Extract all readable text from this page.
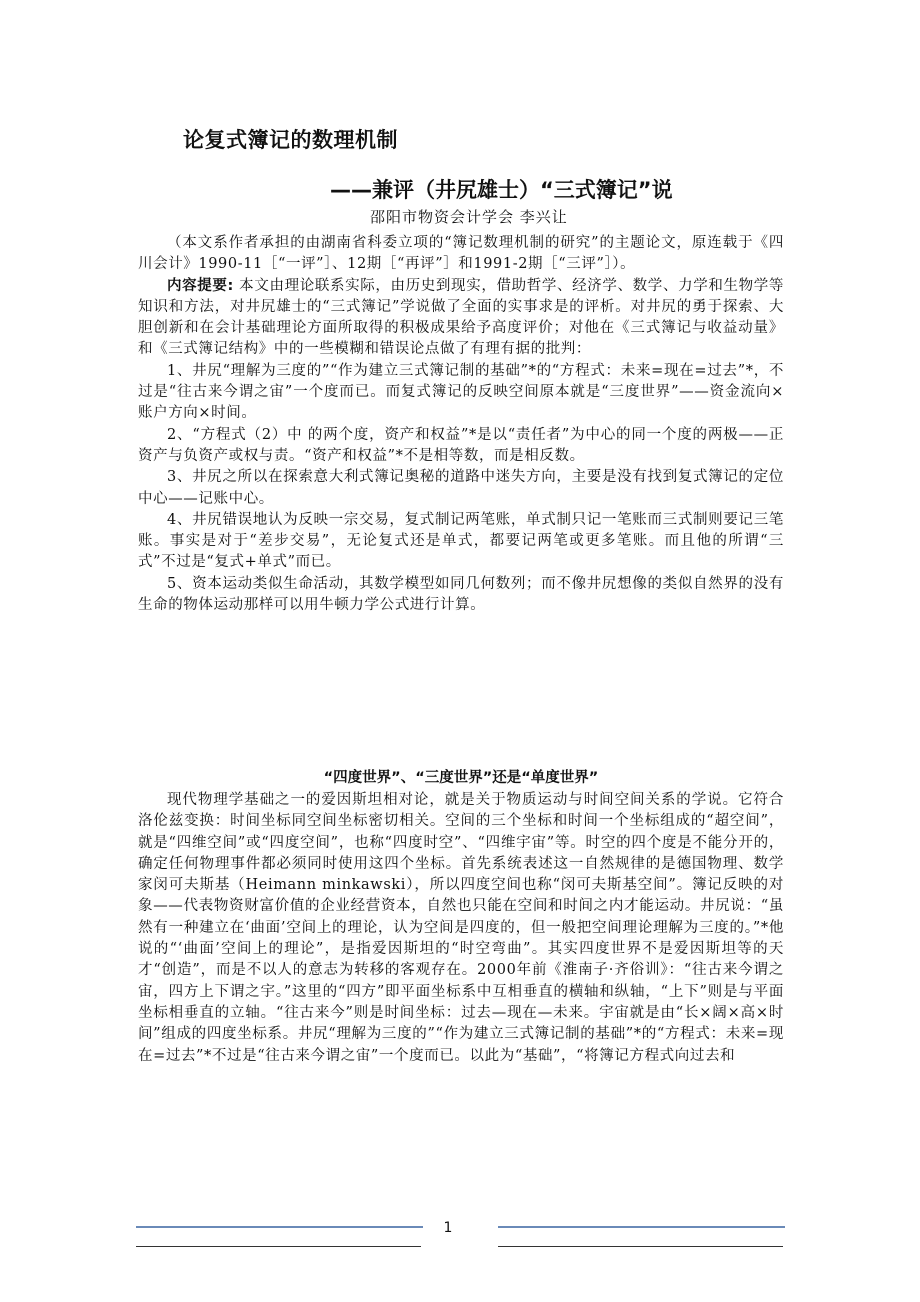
论复式簿记的数理机制
——兼评（井尻雄士）“三式簿记”说
邵阳市物资会计学会 李兴让

（本文系作者承担的由湖南省科委立项的“簿记数理机制的研究”的主题论文，原连载于《四川会计》1990-11［“一评”］、12期［“再评”］和1991-2期［“三评”］）。

内容提要: 本文由理论联系实际，由历史到现实，借助哲学、经济学、数学、力学和生物学等知识和方法，对井尻雄士的“三式簿记”学说做了全面的实事求是的评析。对井尻的勇于探索、大胆创新和在会计基础理论方面所取得的积极成果给予高度评价；对他在《三式簿记与收益动量》和《三式簿记结构》中的一些模糊和错误论点做了有理有据的批判：

1、井尻“理解为三度的”“作为建立三式簿记制的基础”*的“方程式：未来=现在=过去”*，不过是“往古来今谓之宙”一个度而已。而复式簿记的反映空间原本就是“三度世界”——资金流向×账户方向×时间。

2、“方程式（2）中 的两个度，资产和权益”*是以“责任者”为中心的同一个度的两极——正资产与负资产或权与责。“资产和权益”*不是相等数，而是相反数。

3、井尻之所以在探索意大利式簿记奥秘的道路中迷失方向，主要是没有找到复式簿记的定位中心——记账中心。

4、井尻错误地认为反映一宗交易，复式制记两笔账，单式制只记一笔账而三式制则要记三笔账。事实是对于“差步交易”，无论复式还是单式，都要记两笔或更多笔账。而且他的所谓“三式”不过是“复式+单式”而已。

5、资本运动类似生命活动，其数学模型如同几何数列；而不像井尻想像的类似自然界的没有生命的物体运动那样可以用牛顿力学公式进行计算。

“四度世界”、“三度世界”还是“单度世界”

现代物理学基础之一的爱因斯坦相对论，就是关于物质运动与时间空间关系的学说。它符合洛伦兹变换：时间坐标同空间坐标密切相关。空间的三个坐标和时间一个坐标组成的“超空间”，就是“四维空间”或“四度空间”，也称“四度时空”、“四维宇宙”等。时空的四个度是不能分开的，确定任何物理事件都必须同时使用这四个坐标。首先系统表述这一自然规律的是德国物理、数学家闵可夫斯基（Heimann minkawski），所以四度空间也称“闵可夫斯基空间”。簿记反映的对象——代表物资财富价值的企业经营资本，自然也只能在空间和时间之内才能运动。井尻说：“虽然有一种建立在‘曲面’空间上的理论，认为空间是四度的，但一般把空间理论理解为三度的。”*他说的“‘曲面’空间上的理论”，是指爱因斯坦的“时空弯曲”。其实四度世界不是爱因斯坦等的天才“创造”，而是不以人的意志为转移的客观存在。2000年前《淮南子·齐俗训》：“往古来今谓之宙，四方上下谓之宇。”这里的“四方”即平面坐标系中互相垂直的横轴和纵轴，“上下”则是与平面坐标相垂直的立轴。“往古来今”则是时间坐标：过去—现在—未来。宇宙就是由“长×阔×高×时间”组成的四度坐标系。井尻“理解为三度的”“作为建立三式簿记制的基础”*的“方程式：未来=现在=过去”*不过是“往古来今谓之宙”一个度而已。以此为“基础”，“将簿记方程式向过去和

1
